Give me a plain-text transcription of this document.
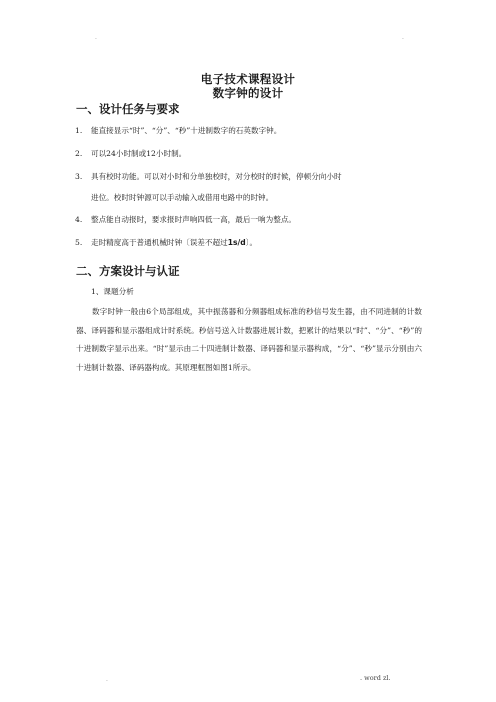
.	.
电子技术课程设计
数字钟的设计
一、设计任务与要求
1. 能直接显示“时”、“分”、“秒”十进制数字的石英数字钟。
2. 可以24小时制或12小时制。
3. 具有校时功能。可以对小时和分单独校时，对分校时的时候，停顿分向小时
进位。校时时钟源可以手动输入或借用电路中的时钟。
4. 整点能自动报时，要求报时声响四低一高，最后一响为整点。
5. 走时精度高于普通机械时钟〔误差不超过1s/d〕。
二、方案设计与认证
1、课题分析
数字时钟一般由6个局部组成，其中振荡器和分频器组成标准的秒信号发生器，由不同进制的计数器、译码器和显示器组成计时系统。秒信号送入计数器进展计数，把累计的结果以“时”、“分”、“秒”的十进制数字显示出来。“时”显示由二十四进制计数器、译码器和显示器构成，“分”、“秒”显示分别由六十进制计数器、译码器构成。其原理框图如图1所示。
.	. word zl.
